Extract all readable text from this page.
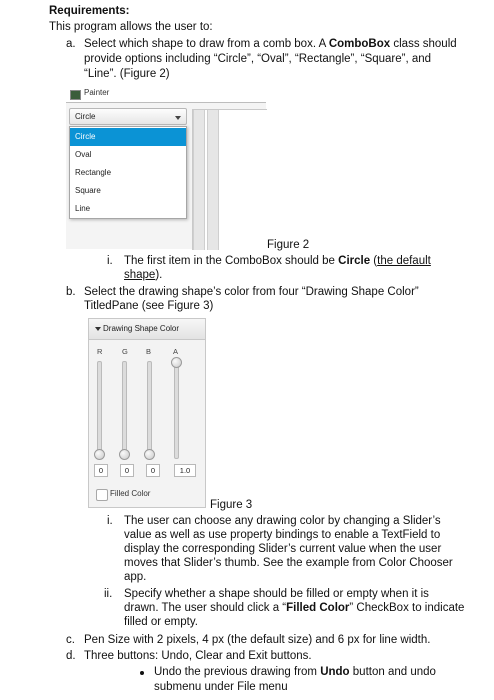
Requirements:
This program allows the user to:
a. Select which shape to draw from a comb box. A ComboBox class should
provide options including “Circle”, “Oval”, “Rectangle”, “Square”, and
“Line”. (Figure 2)
Painter
Circle
Circle
Oval
Rectangle
Square
Line
Figure 2
i. The first item in the ComboBox should be Circle (the default
shape).
b. Select the drawing shape’s color from four “Drawing Shape Color”
TitledPane (see Figure 3)
Drawing Shape Color
R	G B	A
0	0	0	1.0
Filled Color
Figure 3
i. The user can choose any drawing color by changing a Slider’s
value as well as use property bindings to enable a TextField to
display the corresponding Slider’s current value when the user
moves that Slider’s thumb. See the example from Color Chooser
app.
ii. Specify whether a shape should be filled or empty when it is
drawn. The user should click a “Filled Color” CheckBox to indicate
filled or empty.
c. Pen Size with 2 pixels, 4 px (the default size) and 6 px for line width.
d. Three buttons: Undo, Clear and Exit buttons.
Undo the previous drawing from Undo button and undo
submenu under File menu
